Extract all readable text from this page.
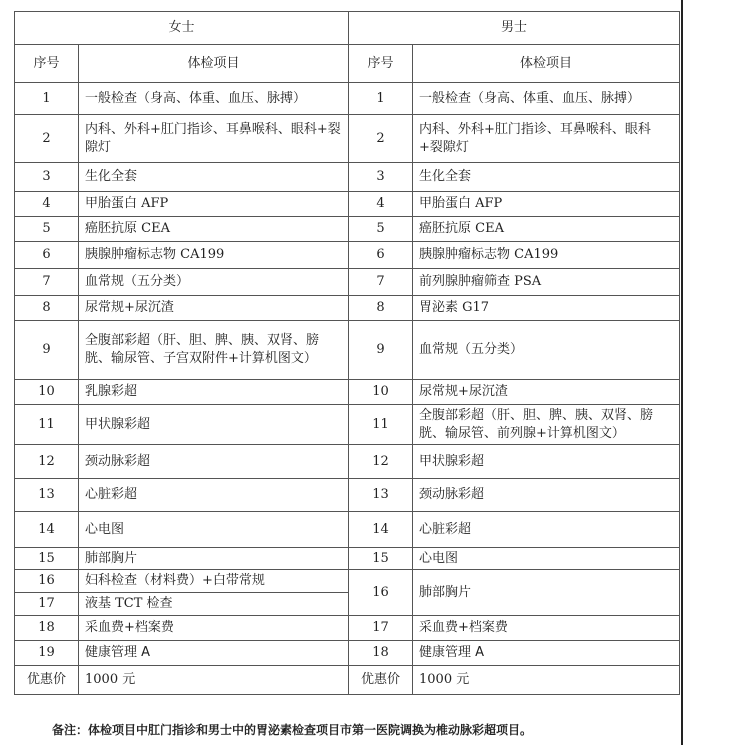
女士		男士	
序号	体检项目	序号	体检项目
1	一般检查（身高、体重、血压、脉搏）	1	一般检查（身高、体重、血压、脉搏）
2	内科、外科+肛门指诊、耳鼻喉科、眼科+裂隙灯	2	内科、外科+肛门指诊、耳鼻喉科、眼科+裂隙灯
3	生化全套	3	生化全套
4	甲胎蛋白 AFP	4	甲胎蛋白 AFP
5	癌胚抗原 CEA	5	癌胚抗原 CEA
6	胰腺肿瘤标志物 CA199	6	胰腺肿瘤标志物 CA199
7	血常规（五分类）	7	前列腺肿瘤筛查 PSA
8	尿常规+尿沉渣	8	胃泌素 G17
9	全腹部彩超（肝、胆、脾、胰、双肾、膀胱、输尿管、子宫双附件+计算机图文）	9	血常规（五分类）
10	乳腺彩超	10	尿常规+尿沉渣
11	甲状腺彩超	11	全腹部彩超（肝、胆、脾、胰、双肾、膀胱、输尿管、前列腺+计算机图文）
12	颈动脉彩超	12	甲状腺彩超
13	心脏彩超	13	颈动脉彩超
14	心电图	14	心脏彩超
15	肺部胸片	15	心电图
16	妇科检查（材料费）+白带常规	16	肺部胸片
17	液基 TCT 检查		
18	采血费+档案费	17	采血费+档案费
19	健康管理 A	18	健康管理 A
优惠价	1000 元	优惠价	1000 元
备注：体检项目中肛门指诊和男士中的胃泌素检查项目市第一医院调换为椎动脉彩超项目。
